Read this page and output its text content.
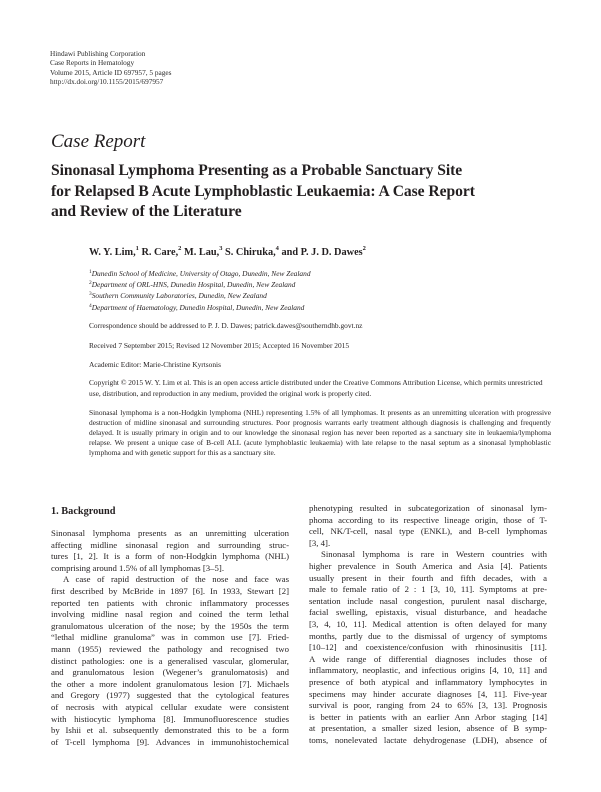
Hindawi Publishing Corporation
Case Reports in Hematology
Volume 2015, Article ID 697957, 5 pages
http://dx.doi.org/10.1155/2015/697957
Case Report
Sinonasal Lymphoma Presenting as a Probable Sanctuary Site
for Relapsed B Acute Lymphoblastic Leukaemia: A Case Report
and Review of the Literature
W. Y. Lim,$^1$ R. Care,$^2$ M. Lau,$^3$ S. Chiruka,$^4$ and P. J. D. Dawes$^2$
$^1$Dunedin School of Medicine, University of Otago, Dunedin, New Zealand
$^2$Department of ORL-HNS, Dunedin Hospital, Dunedin, New Zealand
$^3$Southern Community Laboratories, Dunedin, New Zealand
$^4$Department of Haematology, Dunedin Hospital, Dunedin, New Zealand
Correspondence should be addressed to P. J. D. Dawes; patrick.dawes@southerndhb.govt.nz
Received 7 September 2015; Revised 12 November 2015; Accepted 16 November 2015
Academic Editor: Marie-Christine Kyrtsonis
Copyright © 2015 W. Y. Lim et al. This is an open access article distributed under the Creative Commons Attribution License, which permits unrestricted use, distribution, and reproduction in any medium, provided the original work is properly cited.
Sinonasal lymphoma is a non-Hodgkin lymphoma (NHL) representing 1.5% of all lymphomas. It presents as an unremitting ulceration with progressive destruction of midline sinonasal and surrounding structures. Poor prognosis warrants early treatment although diagnosis is challenging and frequently delayed. It is usually primary in origin and to our knowledge the sinonasal region has never been reported as a sanctuary site in leukaemia/lymphoma relapse. We present a unique case of B-cell ALL (acute lymphoblastic leukaemia) with late relapse to the nasal septum as a sinonasal lymphoblastic lymphoma and with genetic support for this as a sanctuary site.
1. Background
Sinonasal lymphoma presents as an unremitting ulceration
affecting midline sinonasal region and surrounding struc-
tures [1, 2]. It is a form of non-Hodgkin lymphoma (NHL)
comprising around 1.5% of all lymphomas [3–5].
A case of rapid destruction of the nose and face was
first described by McBride in 1897 [6]. In 1933, Stewart [2]
reported ten patients with chronic inflammatory processes
involving midline nasal region and coined the term lethal
granulomatous ulceration of the nose; by the 1950s the term
“lethal midline granuloma” was in common use [7]. Fried-
mann (1955) reviewed the pathology and recognised two
distinct pathologies: one is a generalised vascular, glomerular,
and granulomatous lesion (Wegener’s granulomatosis) and
the other a more indolent granulomatous lesion [7]. Michaels
and Gregory (1977) suggested that the cytological features
of necrosis with atypical cellular exudate were consistent
with histiocytic lymphoma [8]. Immunofluorescence studies
by Ishii et al. subsequently demonstrated this to be a form
of T-cell lymphoma [9]. Advances in immunohistochemical
phenotyping resulted in subcategorization of sinonasal lym-
phoma according to its respective lineage origin, those of T-
cell, NK/T-cell, nasal type (ENKL), and B-cell lymphomas
[3, 4].
Sinonasal lymphoma is rare in Western countries with
higher prevalence in South America and Asia [4]. Patients
usually present in their fourth and fifth decades, with a
male to female ratio of 2 : 1 [3, 10, 11]. Symptoms at pre-
sentation include nasal congestion, purulent nasal discharge,
facial swelling, epistaxis, visual disturbance, and headache
[3, 4, 10, 11]. Medical attention is often delayed for many
months, partly due to the dismissal of urgency of symptoms
[10–12] and coexistence/confusion with rhinosinusitis [11].
A wide range of differential diagnoses includes those of
inflammatory, neoplastic, and infectious origins [4, 10, 11] and
presence of both atypical and inflammatory lymphocytes in
specimens may hinder accurate diagnoses [4, 11]. Five-year
survival is poor, ranging from 24 to 65% [3, 13]. Prognosis
is better in patients with an earlier Ann Arbor staging [14]
at presentation, a smaller sized lesion, absence of B symp-
toms, nonelevated lactate dehydrogenase (LDH), absence of
